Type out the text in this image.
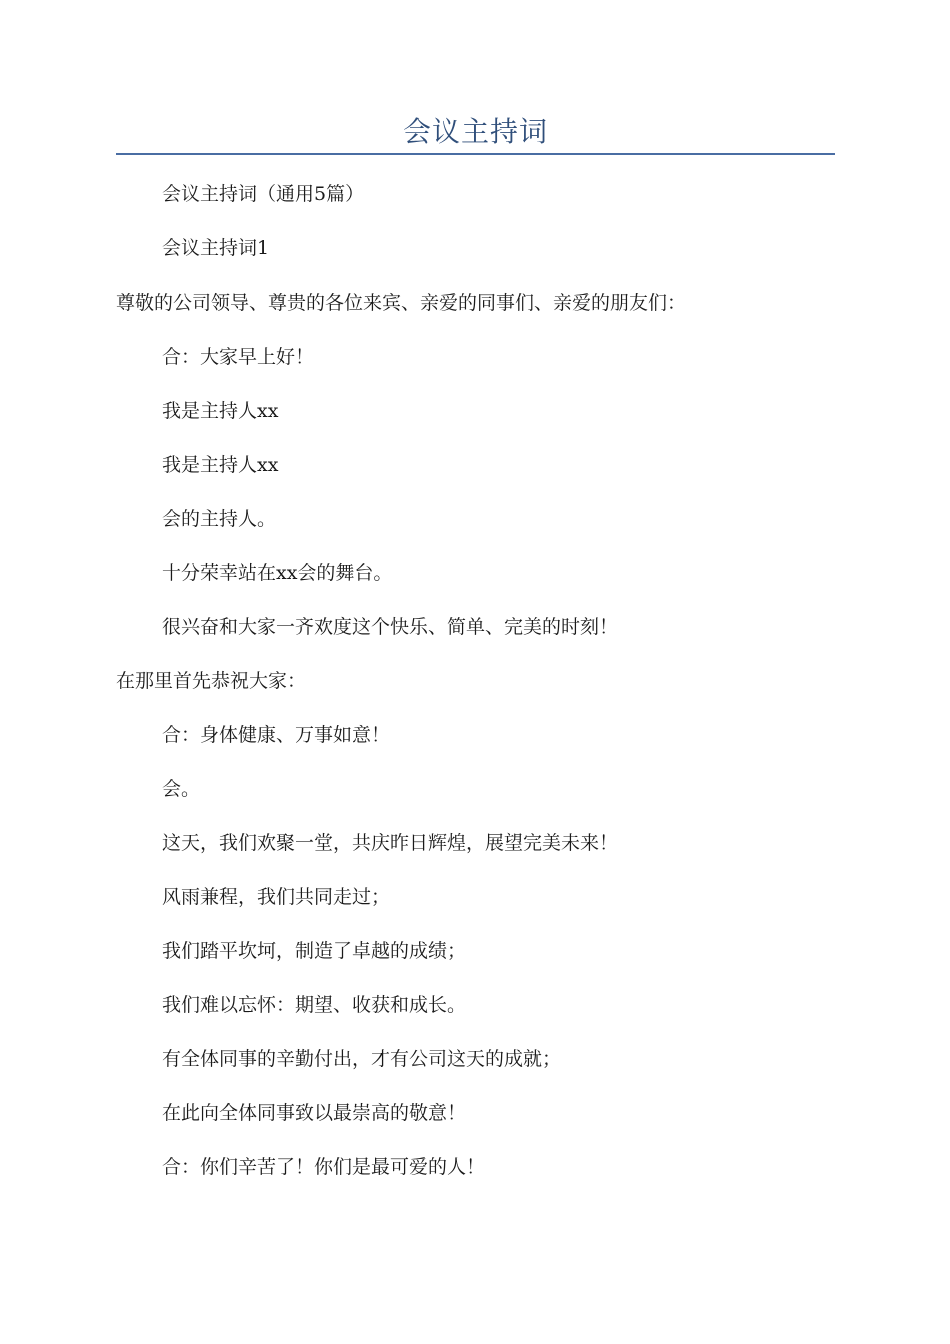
会议主持词
会议主持词（通用5篇）
会议主持词1
尊敬的公司领导、尊贵的各位来宾、亲爱的同事们、亲爱的朋友们：
合：大家早上好！
我是主持人xx
我是主持人xx
会的主持人。
十分荣幸站在xx会的舞台。
很兴奋和大家一齐欢度这个快乐、简单、完美的时刻！
在那里首先恭祝大家：
合：身体健康、万事如意！
会。
这天，我们欢聚一堂，共庆昨日辉煌，展望完美未来！
风雨兼程，我们共同走过；
我们踏平坎坷，制造了卓越的成绩；
我们难以忘怀：期望、收获和成长。
有全体同事的辛勤付出，才有公司这天的成就；
在此向全体同事致以最崇高的敬意！
合：你们辛苦了！你们是最可爱的人！
